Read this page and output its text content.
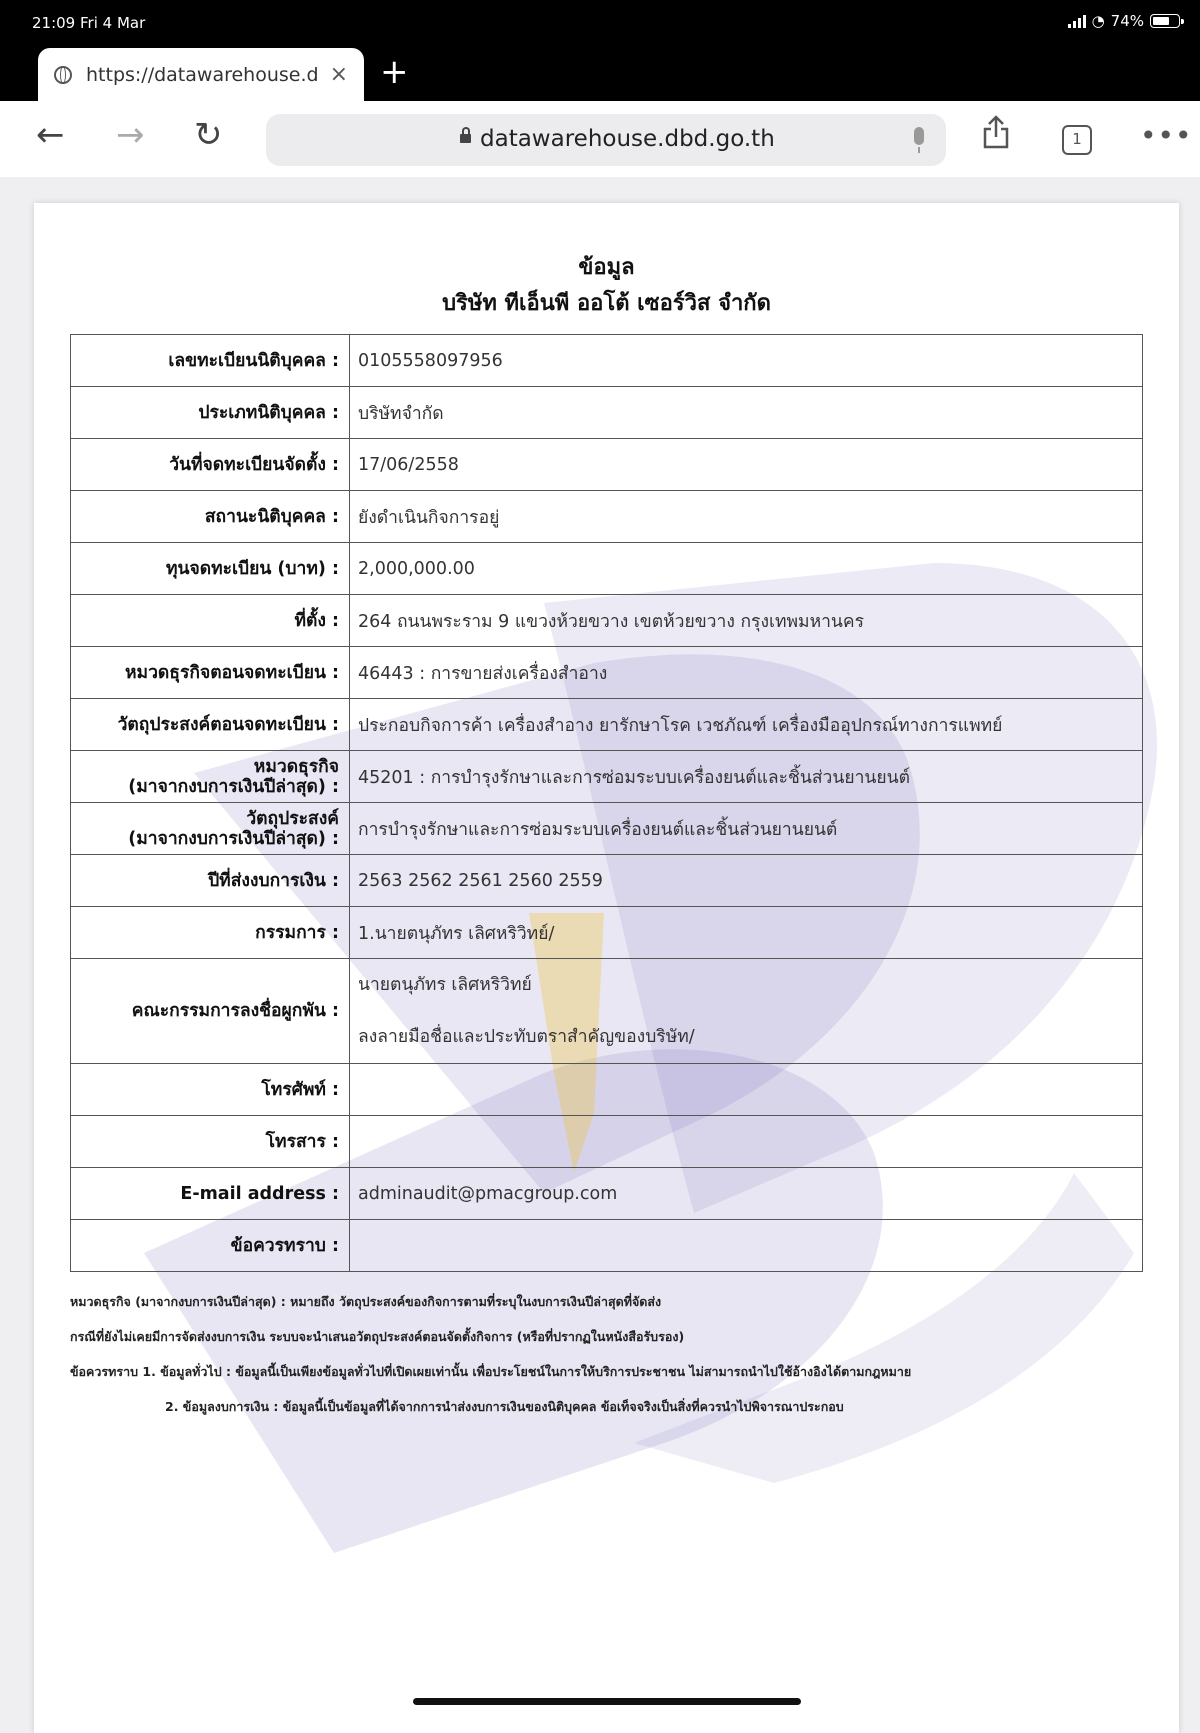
21:09 Fri 4 Mar	◔ 74%
https://datawarehouse.d × +
← → ↻	datawarehouse.dbd.go.th	1	•••
ข้อมูล
บริษัท ทีเอ็นพี ออโต้ เซอร์วิส จำกัด
เลขทะเบียนนิติบุคคล :	0105558097956
ประเภทนิติบุคคล :	บริษัทจำกัด
วันที่จดทะเบียนจัดตั้ง :	17/06/2558
สถานะนิติบุคคล :	ยังดำเนินกิจการอยู่
ทุนจดทะเบียน (บาท) :	2,000,000.00
ที่ตั้ง :	264 ถนนพระราม 9 แขวงห้วยขวาง เขตห้วยขวาง กรุงเทพมหานคร
หมวดธุรกิจตอนจดทะเบียน :	46443 : การขายส่งเครื่องสำอาง
วัตถุประสงค์ตอนจดทะเบียน :	ประกอบกิจการค้า เครื่องสำอาง ยารักษาโรค เวชภัณฑ์ เครื่องมืออุปกรณ์ทางการแพทย์

หมวดธุรกิจ
(มาจากงบการเงินปีล่าสุด) :	45201 : การบำรุงรักษาและการซ่อมระบบเครื่องยนต์และชิ้นส่วนยานยนต์

วัตถุประสงค์
(มาจากงบการเงินปีล่าสุด) :	การบำรุงรักษาและการซ่อมระบบเครื่องยนต์และชิ้นส่วนยานยนต์
ปีที่ส่งงบการเงิน :	2563 2562 2561 2560 2559
กรรมการ :	1.นายตนุภัทร เลิศหริวิทย์/
คณะกรรมการลงชื่อผูกพัน :	นายตนุภัทร เลิศหริวิทย์
ลงลายมือชื่อและประทับตราสำคัญของบริษัท/

โทรศัพท์ :	
โทรสาร :	
E-mail address :	adminaudit@pmacgroup.com
ข้อควรทราบ :	
หมวดธุรกิจ (มาจากงบการเงินปีล่าสุด) : หมายถึง วัตถุประสงค์ของกิจการตามที่ระบุในงบการเงินปีล่าสุดที่จัดส่ง
กรณีที่ยังไม่เคยมีการจัดส่งงบการเงิน ระบบจะนำเสนอวัตถุประสงค์ตอนจัดตั้งกิจการ (หรือที่ปรากฏในหนังสือรับรอง)
ข้อควรทราบ 1. ข้อมูลทั่วไป : ข้อมูลนี้เป็นเพียงข้อมูลทั่วไปที่เปิดเผยเท่านั้น เพื่อประโยชน์ในการให้บริการประชาชน ไม่สามารถนำไปใช้อ้างอิงได้ตามกฎหมาย
2. ข้อมูลงบการเงิน : ข้อมูลนี้เป็นข้อมูลที่ได้จากการนำส่งงบการเงินของนิติบุคคล ข้อเท็จจริงเป็นสิ่งที่ควรนำไปพิจารณาประกอบ
